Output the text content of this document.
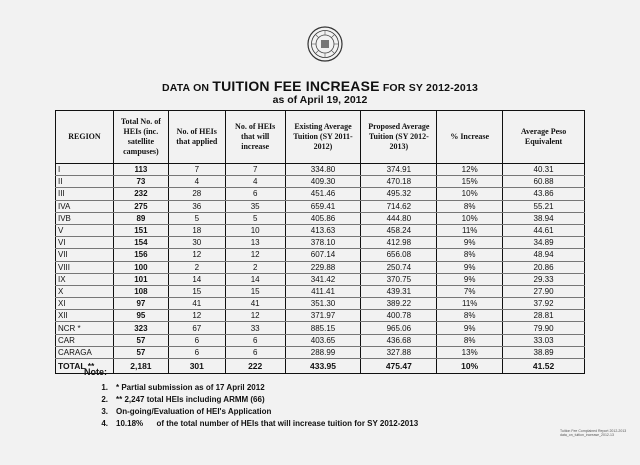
DATA ON TUITION FEE INCREASE FOR SY 2012-2013
as of April 19, 2012
REGION	Total No. of HEIs (inc. satellite campuses)	No. of HEIs that applied	No. of HEIs that will increase	Existing Average Tuition (SY 2011-2012)	Proposed Average Tuition (SY 2012-2013)	% Increase	Average Peso Equivalent
I	113	7	7	334.80	374.91	12%	40.31
II	73	4	4	409.30	470.18	15%	60.88
III	232	28	6	451.46	495.32	10%	43.86
IVA	275	36	35	659.41	714.62	8%	55.21
IVB	89	5	5	405.86	444.80	10%	38.94
V	151	18	10	413.63	458.24	11%	44.61
VI	154	30	13	378.10	412.98	9%	34.89
VII	156	12	12	607.14	656.08	8%	48.94
VIII	100	2	2	229.88	250.74	9%	20.86
IX	101	14	14	341.42	370.75	9%	29.33
X	108	15	15	411.41	439.31	7%	27.90
XI	97	41	41	351.30	389.22	11%	37.92
XII	95	12	12	371.97	400.78	8%	28.81
NCR *	323	67	33	885.15	965.06	9%	79.90
CAR	57	6	6	403.65	436.68	8%	33.03
CARAGA	57	6	6	288.99	327.88	13%	38.89
TOTAL **	2,181	301	222	433.95	475.47	10%	41.52
Note:
1.	* Partial submission as of 17 April 2012
2.	** 2,247 total HEIs including ARMM (66)
3.	On-going/Evaluation of HEI's Application
4.	10.18%      of the total number of HEIs that will increase tuition for SY 2012-2013
Tuition Fee Complained Report 2012-2013
data_on_tuition_increase_2012-13
